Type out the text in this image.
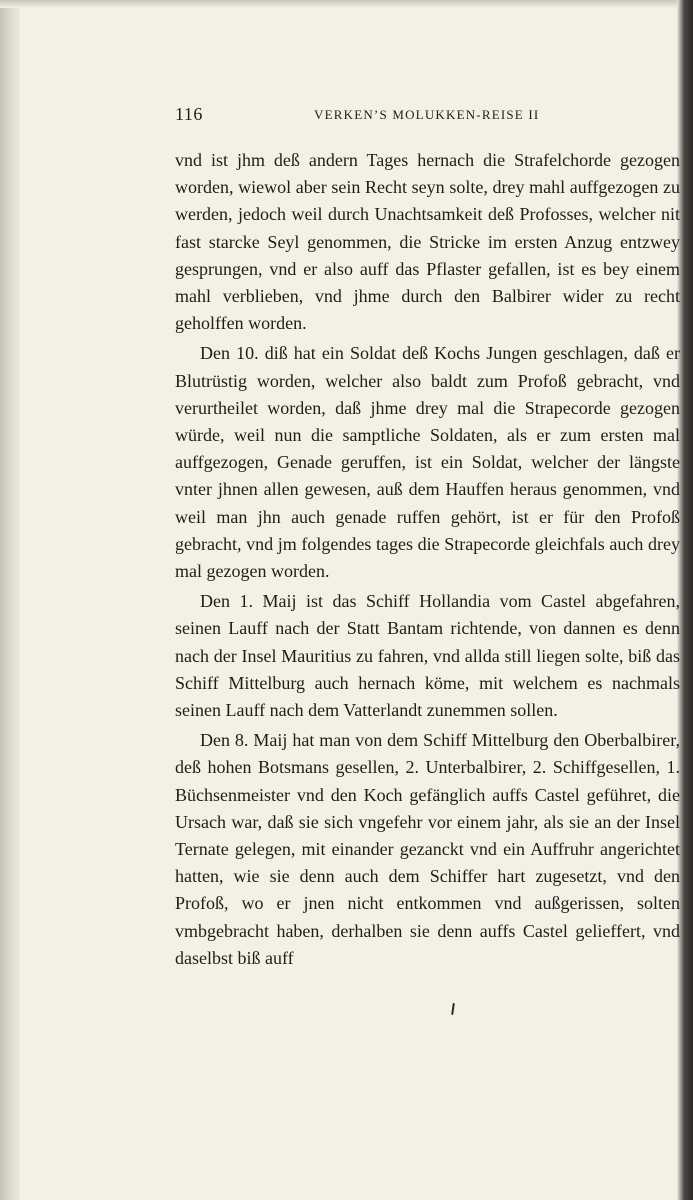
116	VERKEN’S MOLUKKEN-REISE II

vnd ist jhm deß andern Tages hernach die Strafelchorde gezogen worden, wiewol aber sein Recht seyn solte, drey mahl auffgezogen zu werden, jedoch weil durch Unachtsamkeit deß Profosses, welcher nit fast starcke Seyl genommen, die Stricke im ersten Anzug entzwey gesprungen, vnd er also auff das Pflaster gefallen, ist es bey einem mahl verblieben, vnd jhme durch den Balbirer wider zu recht geholffen worden.

Den 10. diß hat ein Soldat deß Kochs Jungen geschlagen, daß er Blutrüstig worden, welcher also baldt zum Profoß gebracht, vnd verurtheilet worden, daß jhme drey mal die Strapecorde gezogen würde, weil nun die samptliche Soldaten, als er zum ersten mal auffgezogen, Genade geruffen, ist ein Soldat, welcher der längste vnter jhnen allen gewesen, auß dem Hauffen heraus genommen, vnd weil man jhn auch genade ruffen gehört, ist er für den Profoß gebracht, vnd jm folgendes tages die Strapecorde gleichfals auch drey mal gezogen worden.

Den 1. Maij ist das Schiff Hollandia vom Castel abgefahren, seinen Lauff nach der Statt Bantam richtende, von dannen es denn nach der Insel Mauritius zu fahren, vnd allda still liegen solte, biß das Schiff Mittelburg auch hernach köme, mit welchem es nachmals seinen Lauff nach dem Vatterlandt zunemmen sollen.

Den 8. Maij hat man von dem Schiff Mittelburg den Oberbalbirer, deß hohen Botsmans gesellen, 2. Unterbalbirer, 2. Schiffgesellen, 1. Büchsenmeister vnd den Koch gefänglich auffs Castel geführet, die Ursach war, daß sie sich vngefehr vor einem jahr, als sie an der Insel Ternate gelegen, mit einander gezanckt vnd ein Auffruhr angerichtet hatten, wie sie denn auch dem Schiffer hart zugesetzt, vnd den Profoß, wo er jnen nicht entkommen vnd außgerissen, solten vmbgebracht haben, derhalben sie denn auffs Castel gelieffert, vnd daselbst biß auff
